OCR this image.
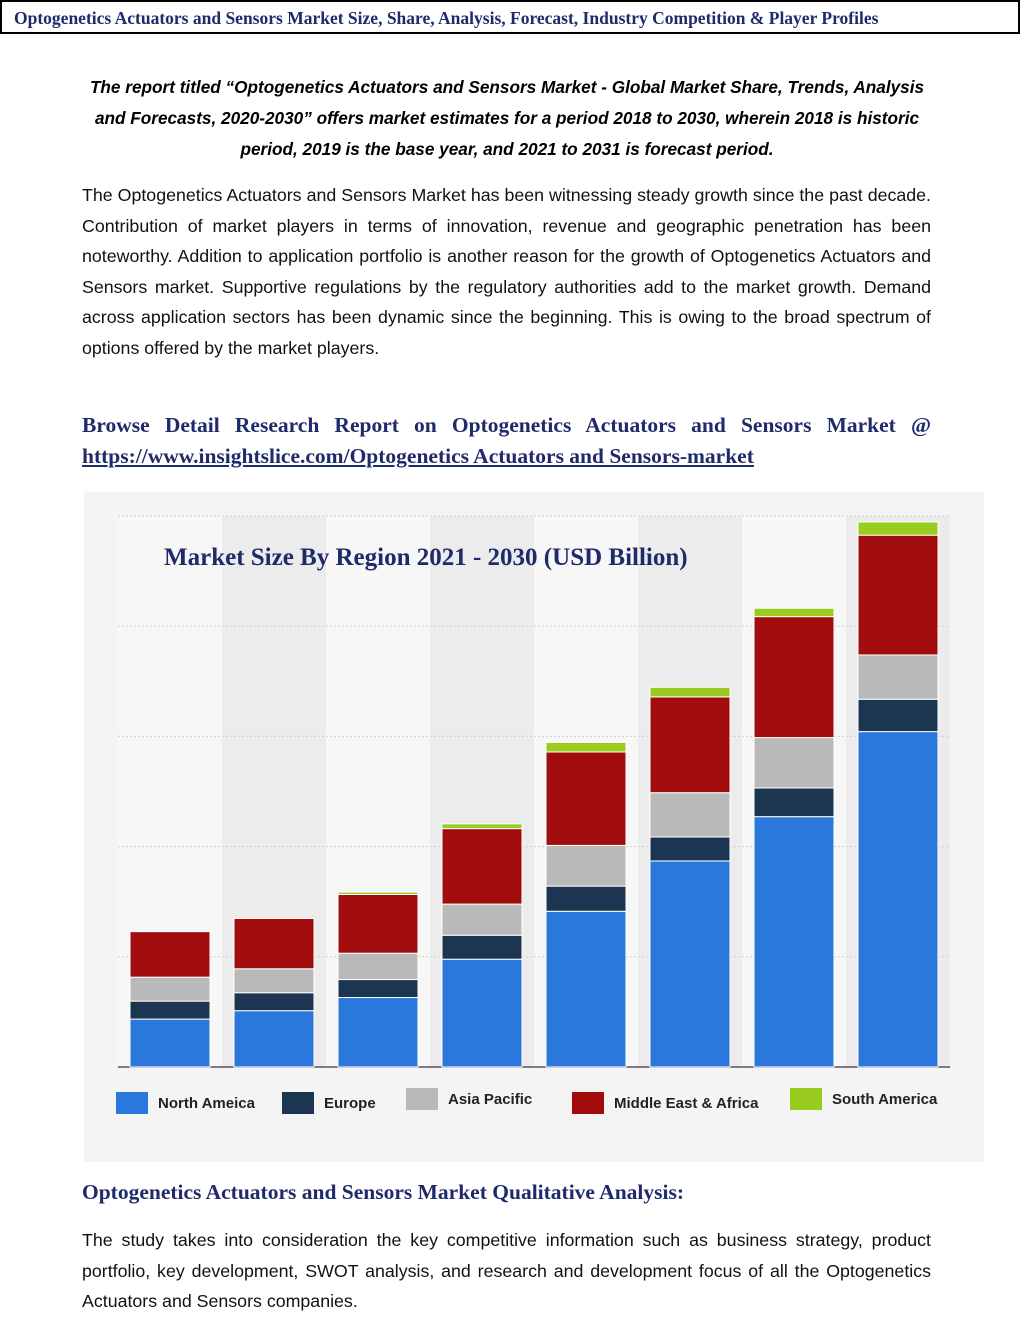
Optogenetics Actuators and Sensors Market Size, Share, Analysis, Forecast, Industry Competition & Player Profiles
The report titled “Optogenetics Actuators and Sensors Market - Global Market Share, Trends, Analysis and Forecasts, 2020-2030” offers market estimates for a period 2018 to 2030, wherein 2018 is historic period, 2019 is the base year, and 2021 to 2031 is forecast period.
The Optogenetics Actuators and Sensors Market has been witnessing steady growth since the past decade. Contribution of market players in terms of innovation, revenue and geographic penetration has been noteworthy. Addition to application portfolio is another reason for the growth of Optogenetics Actuators and Sensors market. Supportive regulations by the regulatory authorities add to the market growth. Demand across application sectors has been dynamic since the beginning. This is owing to the broad spectrum of options offered by the market players.
Browse Detail Research Report on Optogenetics Actuators and Sensors Market @
https://www.insightslice.com/Optogenetics Actuators and Sensors-market
Market Size By Region 2021 - 2030 (USD Billion)
North Ameica	Europe	Asia Pacific	Middle East & Africa	South America
Optogenetics Actuators and Sensors Market Qualitative Analysis:
The study takes into consideration the key competitive information such as business strategy, product portfolio, key development, SWOT analysis, and research and development focus of all the Optogenetics Actuators and Sensors companies.
